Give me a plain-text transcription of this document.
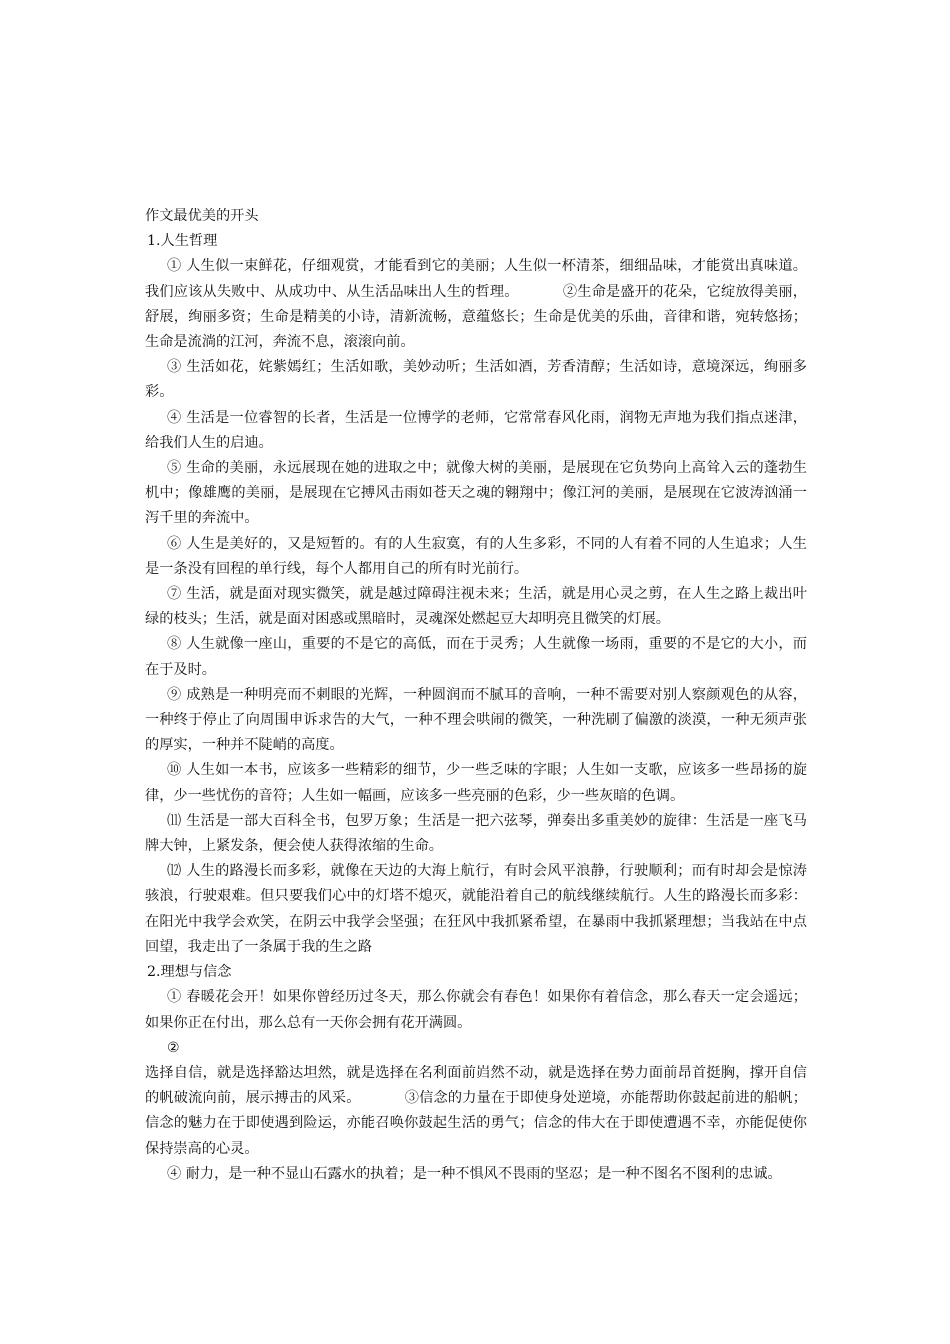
作文最优美的开头

1.人生哲理

① 人生似一束鲜花，仔细观赏，才能看到它的美丽；人生似一杯清茶，细细品味，才能赏出真味道。我们应该从失败中、从成功中、从生活品味出人生的哲理。	②生命是盛开的花朵，它绽放得美丽，舒展，绚丽多资；生命是精美的小诗，清新流畅，意蕴悠长；生命是优美的乐曲，音律和谐，宛转悠扬；生命是流淌的江河，奔流不息，滚滚向前。

③ 生活如花，姹紫嫣红；生活如歌，美妙动听；生活如酒，芳香清醇；生活如诗，意境深远，绚丽多彩。

④ 生活是一位睿智的长者，生活是一位博学的老师，它常常春风化雨，润物无声地为我们指点迷津，给我们人生的启迪。

⑤ 生命的美丽，永远展现在她的进取之中；就像大树的美丽，是展现在它负势向上高耸入云的蓬勃生机中；像雄鹰的美丽，是展现在它搏风击雨如苍天之魂的翱翔中；像江河的美丽，是展现在它波涛汹涌一泻千里的奔流中。

⑥ 人生是美好的，又是短暂的。有的人生寂寞，有的人生多彩，不同的人有着不同的人生追求；人生是一条没有回程的单行线，每个人都用自己的所有时光前行。

⑦ 生活，就是面对现实微笑，就是越过障碍注视未来；生活，就是用心灵之剪，在人生之路上裁出叶绿的枝头；生活，就是面对困惑或黑暗时，灵魂深处燃起豆大却明亮且微笑的灯展。

⑧ 人生就像一座山，重要的不是它的高低，而在于灵秀；人生就像一场雨，重要的不是它的大小，而在于及时。

⑨ 成熟是一种明亮而不刺眼的光辉，一种圆润而不腻耳的音响，一种不需要对别人察颜观色的从容，一种终于停止了向周围申诉求告的大气，一种不理会哄闹的微笑，一种洗刷了偏激的淡漠，一种无须声张的厚实，一种并不陡峭的高度。

⑩ 人生如一本书，应该多一些精彩的细节，少一些乏味的字眼；人生如一支歌，应该多一些昂扬的旋律，少一些忧伤的音符；人生如一幅画，应该多一些亮丽的色彩，少一些灰暗的色调。

⑾ 生活是一部大百科全书，包罗万象；生活是一把六弦琴，弹奏出多重美妙的旋律：生活是一座飞马牌大钟，上紧发条，便会使人获得浓缩的生命。

⑿ 人生的路漫长而多彩，就像在天边的大海上航行，有时会风平浪静，行驶顺利；而有时却会是惊涛骇浪，行驶艰难。但只要我们心中的灯塔不熄灭，就能沿着自己的航线继续航行。人生的路漫长而多彩：在阳光中我学会欢笑，在阴云中我学会坚强；在狂风中我抓紧希望，在暴雨中我抓紧理想；当我站在中点回望，我走出了一条属于我的生之路

2.理想与信念

① 春暖花会开！如果你曾经历过冬天，那么你就会有春色！如果你有着信念，那么春天一定会遥远；如果你正在付出，那么总有一天你会拥有花开满圆。

②

选择自信，就是选择豁达坦然，就是选择在名利面前岿然不动，就是选择在势力面前昂首挺胸，撑开自信的帆破流向前，展示搏击的风采。	③信念的力量在于即使身处逆境，亦能帮助你鼓起前进的船帆；信念的魅力在于即使遇到险运，亦能召唤你鼓起生活的勇气；信念的伟大在于即使遭遇不幸，亦能促使你保持崇高的心灵。

④ 耐力，是一种不显山石露水的执着；是一种不惧风不畏雨的坚忍；是一种不图名不图利的忠诚。
